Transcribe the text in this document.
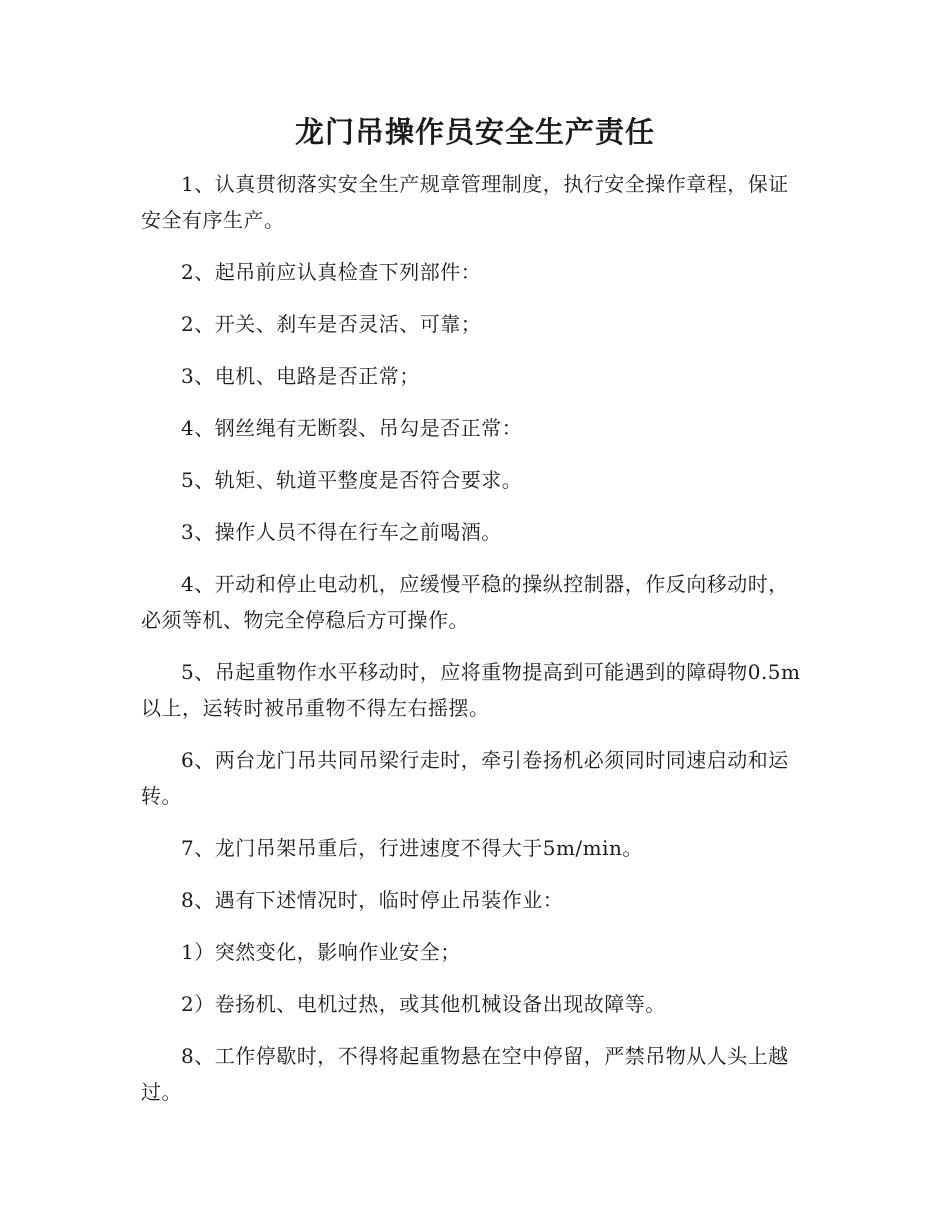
龙门吊操作员安全生产责任

1、认真贯彻落实安全生产规章管理制度，执行安全操作章程，保证安全有序生产。

2、起吊前应认真检查下列部件：

2、开关、刹车是否灵活、可靠；

3、电机、电路是否正常；

4、钢丝绳有无断裂、吊勾是否正常：

5、轨矩、轨道平整度是否符合要求。

3、操作人员不得在行车之前喝酒。

4、开动和停止电动机，应缓慢平稳的操纵控制器，作反向移动时，必须等机、物完全停稳后方可操作。

5、吊起重物作水平移动时，应将重物提高到可能遇到的障碍物0.5m以上，运转时被吊重物不得左右摇摆。

6、两台龙门吊共同吊梁行走时，牵引卷扬机必须同时同速启动和运转。

7、龙门吊架吊重后，行进速度不得大于5m/min。

8、遇有下述情况时，临时停止吊装作业：

1）突然变化，影响作业安全；

2）卷扬机、电机过热，或其他机械设备出现故障等。

8、工作停歇时，不得将起重物悬在空中停留，严禁吊物从人头上越过。
